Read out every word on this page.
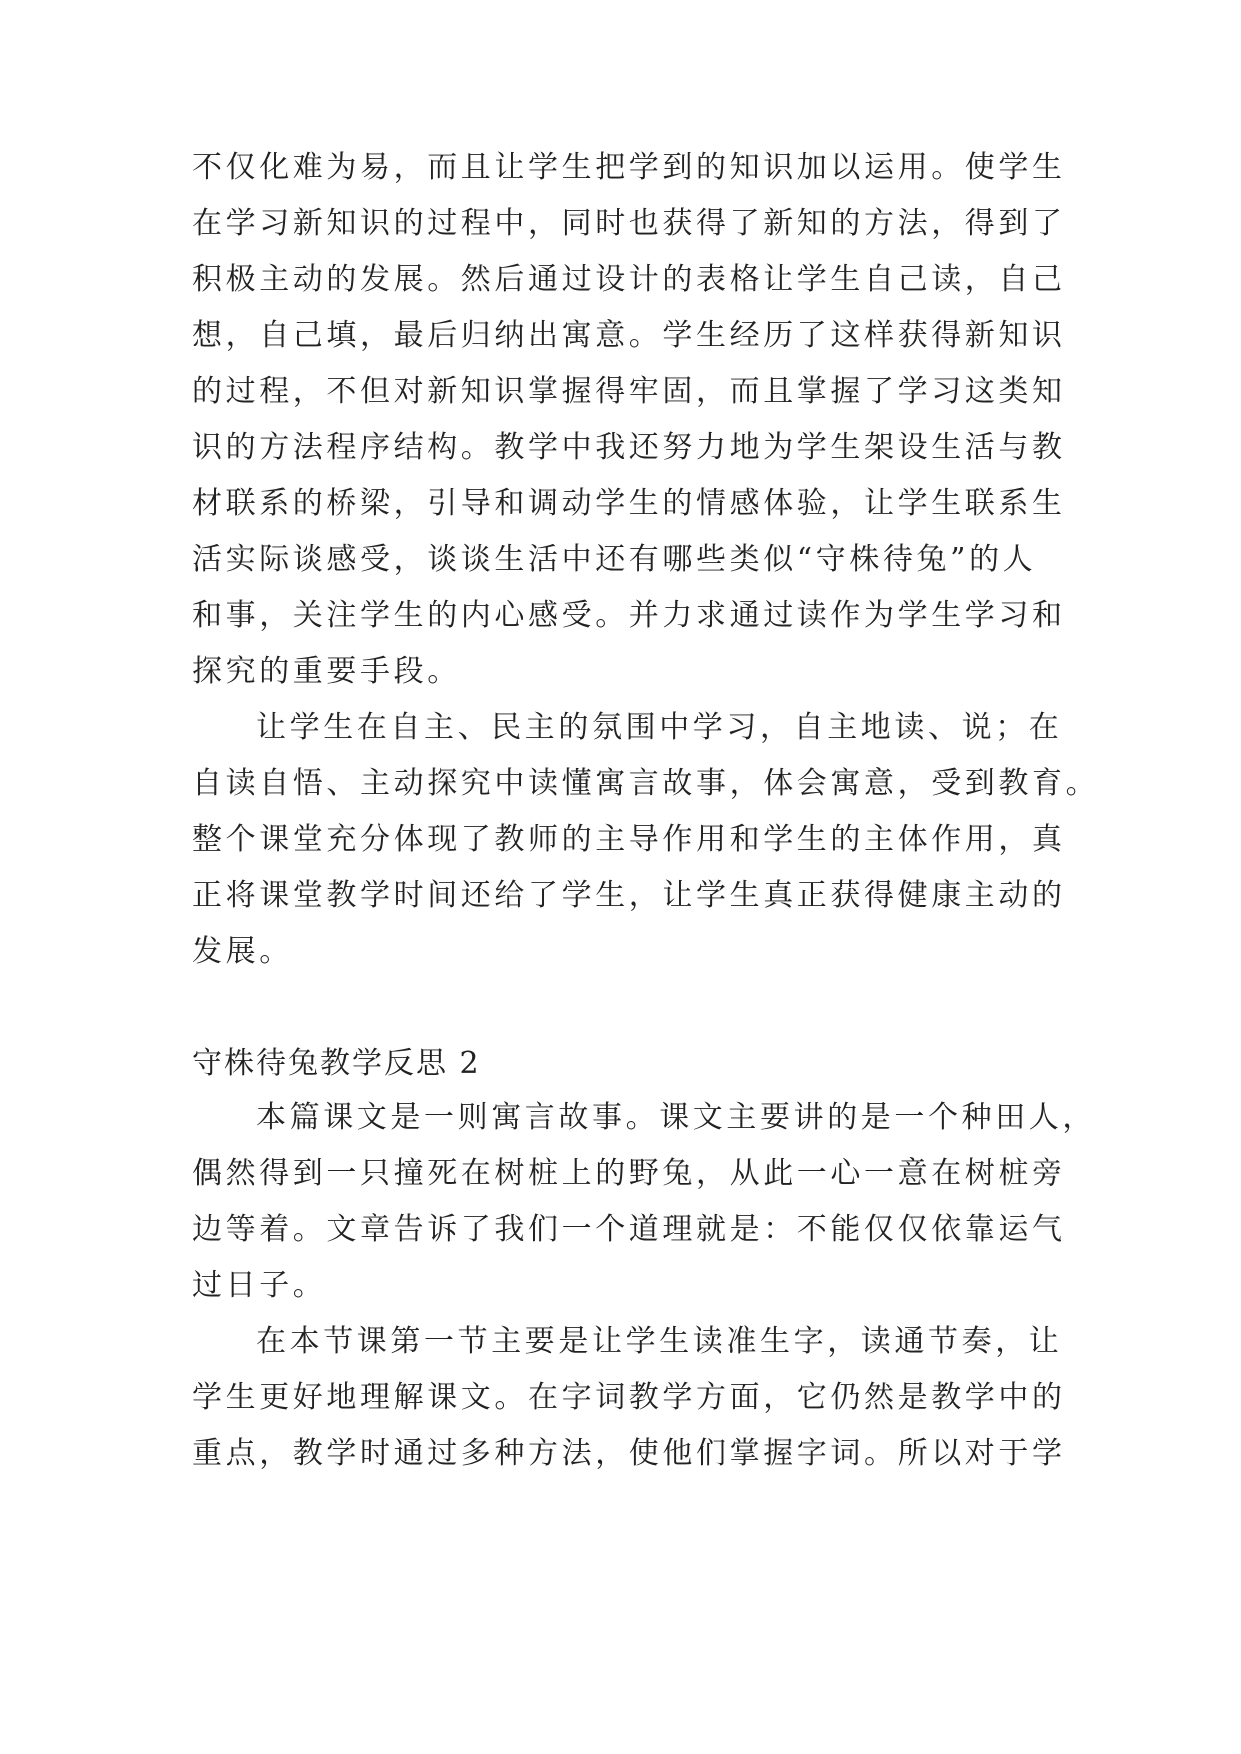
不仅化难为易，而且让学生把学到的知识加以运用。使学生
在学习新知识的过程中，同时也获得了新知的方法，得到了
积极主动的发展。然后通过设计的表格让学生自己读，自己
想，自己填，最后归纳出寓意。学生经历了这样获得新知识
的过程，不但对新知识掌握得牢固，而且掌握了学习这类知
识的方法程序结构。教学中我还努力地为学生架设生活与教
材联系的桥梁，引导和调动学生的情感体验，让学生联系生
活实际谈感受，谈谈生活中还有哪些类似“守株待兔”的人
和事，关注学生的内心感受。并力求通过读作为学生学习和
探究的重要手段。
让学生在自主、民主的氛围中学习，自主地读、说；在
自读自悟、主动探究中读懂寓言故事，体会寓意，受到教育。
整个课堂充分体现了教师的主导作用和学生的主体作用，真
正将课堂教学时间还给了学生，让学生真正获得健康主动的
发展。
守株待兔教学反思 2
本篇课文是一则寓言故事。课文主要讲的是一个种田人，
偶然得到一只撞死在树桩上的野兔，从此一心一意在树桩旁
边等着。文章告诉了我们一个道理就是：不能仅仅依靠运气
过日子。
在本节课第一节主要是让学生读准生字，读通节奏，让
学生更好地理解课文。在字词教学方面，它仍然是教学中的
重点，教学时通过多种方法，使他们掌握字词。所以对于学
